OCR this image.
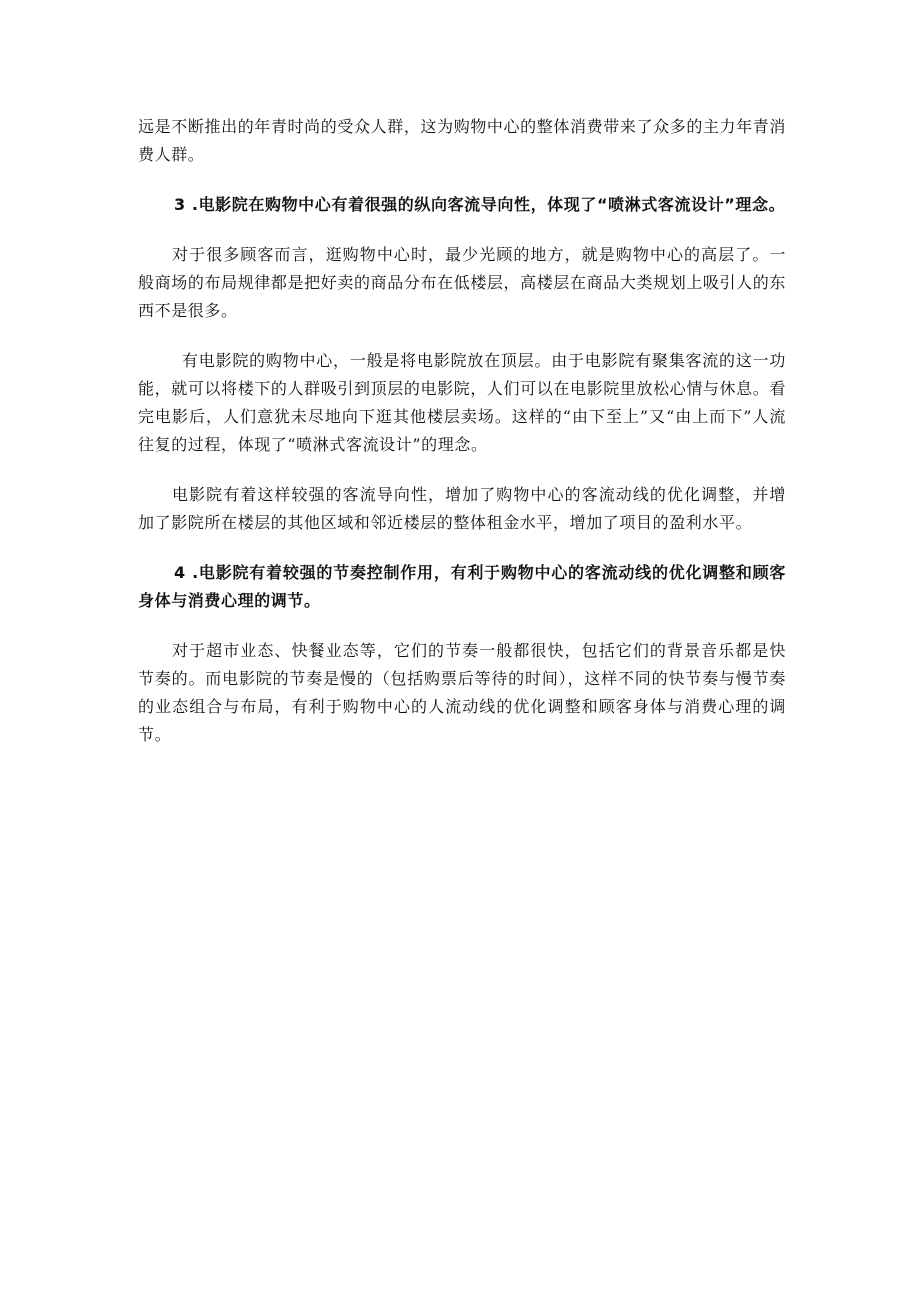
远是不断推出的年青时尚的受众人群，这为购物中心的整体消费带来了众多的主力年青消费人群。

3 .电影院在购物中心有着很强的纵向客流导向性，体现了“喷淋式客流设计”理念。

对于很多顾客而言，逛购物中心时，最少光顾的地方，就是购物中心的高层了。一般商场的布局规律都是把好卖的商品分布在低楼层，高楼层在商品大类规划上吸引人的东西不是很多。

有电影院的购物中心，一般是将电影院放在顶层。由于电影院有聚集客流的这一功能，就可以将楼下的人群吸引到顶层的电影院，人们可以在电影院里放松心情与休息。看完电影后，人们意犹未尽地向下逛其他楼层卖场。这样的“由下至上”又“由上而下”人流往复的过程，体现了“喷淋式客流设计”的理念。

电影院有着这样较强的客流导向性，增加了购物中心的客流动线的优化调整，并增加了影院所在楼层的其他区域和邻近楼层的整体租金水平，增加了项目的盈利水平。

4 .电影院有着较强的节奏控制作用，有利于购物中心的客流动线的优化调整和顾客身体与消费心理的调节。

对于超市业态、快餐业态等，它们的节奏一般都很快，包括它们的背景音乐都是快节奏的。而电影院的节奏是慢的（包括购票后等待的时间），这样不同的快节奏与慢节奏的业态组合与布局，有利于购物中心的人流动线的优化调整和顾客身体与消费心理的调节。
